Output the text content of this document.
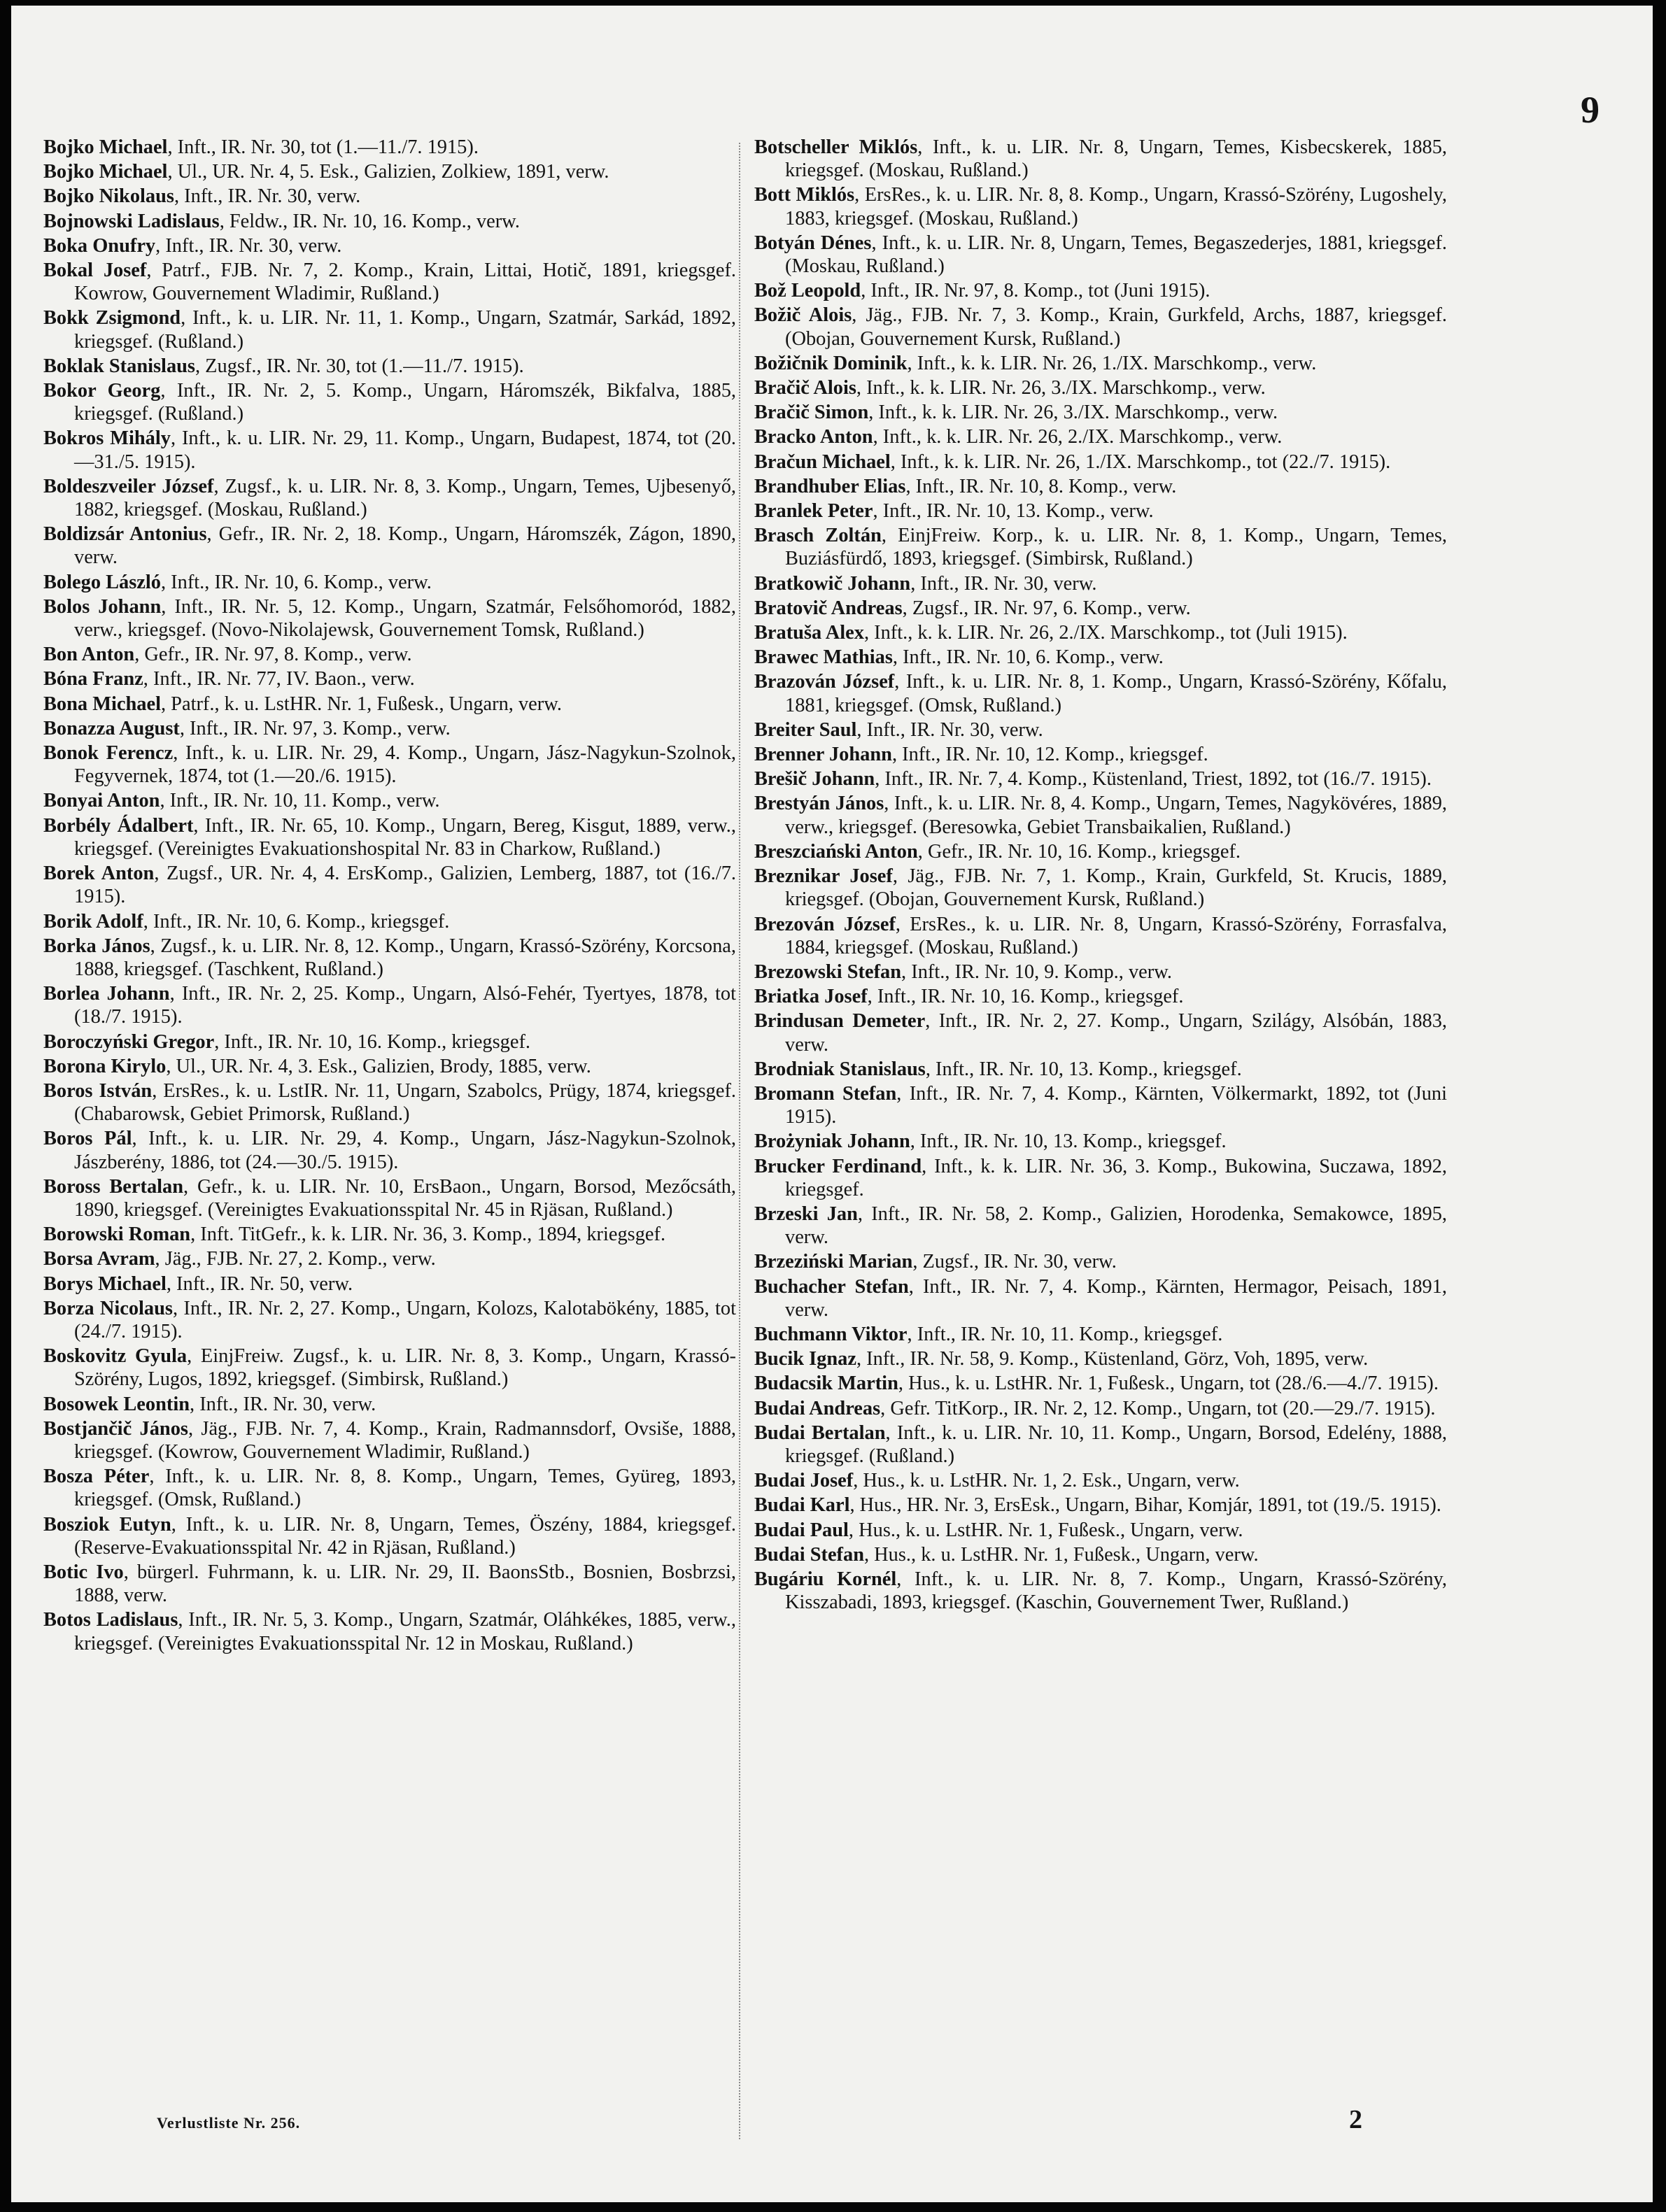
9

Bojko Michael, Inft., IR. Nr. 30, tot (1.—11./7. 1915).

Bojko Michael, Ul., UR. Nr. 4, 5. Esk., Galizien, Zolkiew, 1891, verw.

Bojko Nikolaus, Inft., IR. Nr. 30, verw.

Bojnowski Ladislaus, Feldw., IR. Nr. 10, 16. Komp., verw.

Boka Onufry, Inft., IR. Nr. 30, verw.

Bokal Josef, Patrf., FJB. Nr. 7, 2. Komp., Krain, Littai, Hotič, 1891, kriegsgef. Kowrow, Gouvernement Wladimir, Rußland.)

Bokk Zsigmond, Inft., k. u. LIR. Nr. 11, 1. Komp., Ungarn, Szatmár, Sarkád, 1892, kriegsgef. (Rußland.)

Boklak Stanislaus, Zugsf., IR. Nr. 30, tot (1.—11./7. 1915).

Bokor Georg, Inft., IR. Nr. 2, 5. Komp., Ungarn, Háromszék, Bikfalva, 1885, kriegsgef. (Rußland.)

Bokros Mihály, Inft., k. u. LIR. Nr. 29, 11. Komp., Ungarn, Budapest, 1874, tot (20.—31./5. 1915).

Boldeszveiler József, Zugsf., k. u. LIR. Nr. 8, 3. Komp., Ungarn, Temes, Ujbesenyő, 1882, kriegsgef. (Moskau, Rußland.)

Boldizsár Antonius, Gefr., IR. Nr. 2, 18. Komp., Ungarn, Háromszék, Zágon, 1890, verw.

Bolego László, Inft., IR. Nr. 10, 6. Komp., verw.

Bolos Johann, Inft., IR. Nr. 5, 12. Komp., Ungarn, Szatmár, Felsőhomoród, 1882, verw., kriegsgef. (Novo-Nikolajewsk, Gouvernement Tomsk, Rußland.)

Bon Anton, Gefr., IR. Nr. 97, 8. Komp., verw.

Bóna Franz, Inft., IR. Nr. 77, IV. Baon., verw.

Bona Michael, Patrf., k. u. LstHR. Nr. 1, Fußesk., Ungarn, verw.

Bonazza August, Inft., IR. Nr. 97, 3. Komp., verw.

Bonok Ferencz, Inft., k. u. LIR. Nr. 29, 4. Komp., Ungarn, Jász-Nagykun-Szolnok, Fegyvernek, 1874, tot (1.—20./6. 1915).

Bonyai Anton, Inft., IR. Nr. 10, 11. Komp., verw.

Borbély Ádalbert, Inft., IR. Nr. 65, 10. Komp., Ungarn, Bereg, Kisgut, 1889, verw., kriegsgef. (Vereinigtes Evakuationshospital Nr. 83 in Charkow, Rußland.)

Borek Anton, Zugsf., UR. Nr. 4, 4. ErsKomp., Galizien, Lemberg, 1887, tot (16./7. 1915).

Borik Adolf, Inft., IR. Nr. 10, 6. Komp., kriegsgef.

Borka János, Zugsf., k. u. LIR. Nr. 8, 12. Komp., Ungarn, Krassó-Szörény, Korcsona, 1888, kriegsgef. (Taschkent, Rußland.)

Borlea Johann, Inft., IR. Nr. 2, 25. Komp., Ungarn, Alsó-Fehér, Tyertyes, 1878, tot (18./7. 1915).

Boroczyński Gregor, Inft., IR. Nr. 10, 16. Komp., kriegsgef.

Borona Kirylo, Ul., UR. Nr. 4, 3. Esk., Galizien, Brody, 1885, verw.

Boros István, ErsRes., k. u. LstIR. Nr. 11, Ungarn, Szabolcs, Prügy, 1874, kriegsgef. (Chabarowsk, Gebiet Primorsk, Rußland.)

Boros Pál, Inft., k. u. LIR. Nr. 29, 4. Komp., Ungarn, Jász-Nagykun-Szolnok, Jászberény, 1886, tot (24.—30./5. 1915).

Boross Bertalan, Gefr., k. u. LIR. Nr. 10, ErsBaon., Ungarn, Borsod, Mezőcsáth, 1890, kriegsgef. (Vereinigtes Evakuationsspital Nr. 45 in Rjäsan, Rußland.)

Borowski Roman, Inft. TitGefr., k. k. LIR. Nr. 36, 3. Komp., 1894, kriegsgef.

Borsa Avram, Jäg., FJB. Nr. 27, 2. Komp., verw.

Borys Michael, Inft., IR. Nr. 50, verw.

Borza Nicolaus, Inft., IR. Nr. 2, 27. Komp., Ungarn, Kolozs, Kalotabökény, 1885, tot (24./7. 1915).

Boskovitz Gyula, EinjFreiw. Zugsf., k. u. LIR. Nr. 8, 3. Komp., Ungarn, Krassó-Szörény, Lugos, 1892, kriegsgef. (Simbirsk, Rußland.)

Bosowek Leontin, Inft., IR. Nr. 30, verw.

Bostjančič János, Jäg., FJB. Nr. 7, 4. Komp., Krain, Radmannsdorf, Ovsiše, 1888, kriegsgef. (Kowrow, Gouvernement Wladimir, Rußland.)

Bosza Péter, Inft., k. u. LIR. Nr. 8, 8. Komp., Ungarn, Temes, Gyüreg, 1893, kriegsgef. (Omsk, Rußland.)

Bosziok Eutyn, Inft., k. u. LIR. Nr. 8, Ungarn, Temes, Öszény, 1884, kriegsgef. (Reserve-Evakuationsspital Nr. 42 in Rjäsan, Rußland.)

Botic Ivo, bürgerl. Fuhrmann, k. u. LIR. Nr. 29, II. BaonsStb., Bosnien, Bosbrzsi, 1888, verw.

Botos Ladislaus, Inft., IR. Nr. 5, 3. Komp., Ungarn, Szatmár, Oláhkékes, 1885, verw., kriegsgef. (Vereinigtes Evakuationsspital Nr. 12 in Moskau, Rußland.)

Botscheller Miklós, Inft., k. u. LIR. Nr. 8, Ungarn, Temes, Kisbecskerek, 1885, kriegsgef. (Moskau, Rußland.)

Bott Miklós, ErsRes., k. u. LIR. Nr. 8, 8. Komp., Ungarn, Krassó-Szörény, Lugoshely, 1883, kriegsgef. (Moskau, Rußland.)

Botyán Dénes, Inft., k. u. LIR. Nr. 8, Ungarn, Temes, Begaszederjes, 1881, kriegsgef. (Moskau, Rußland.)

Bož Leopold, Inft., IR. Nr. 97, 8. Komp., tot (Juni 1915).

Božič Alois, Jäg., FJB. Nr. 7, 3. Komp., Krain, Gurkfeld, Archs, 1887, kriegsgef. (Obojan, Gouvernement Kursk, Rußland.)

Božičnik Dominik, Inft., k. k. LIR. Nr. 26, 1./IX. Marschkomp., verw.

Bračič Alois, Inft., k. k. LIR. Nr. 26, 3./IX. Marschkomp., verw.

Bračič Simon, Inft., k. k. LIR. Nr. 26, 3./IX. Marschkomp., verw.

Bracko Anton, Inft., k. k. LIR. Nr. 26, 2./IX. Marschkomp., verw.

Bračun Michael, Inft., k. k. LIR. Nr. 26, 1./IX. Marschkomp., tot (22./7. 1915).

Brandhuber Elias, Inft., IR. Nr. 10, 8. Komp., verw.

Branlek Peter, Inft., IR. Nr. 10, 13. Komp., verw.

Brasch Zoltán, EinjFreiw. Korp., k. u. LIR. Nr. 8, 1. Komp., Ungarn, Temes, Buziásfürdő, 1893, kriegsgef. (Simbirsk, Rußland.)

Bratkowič Johann, Inft., IR. Nr. 30, verw.

Bratovič Andreas, Zugsf., IR. Nr. 97, 6. Komp., verw.

Bratuša Alex, Inft., k. k. LIR. Nr. 26, 2./IX. Marschkomp., tot (Juli 1915).

Brawec Mathias, Inft., IR. Nr. 10, 6. Komp., verw.

Brazován József, Inft., k. u. LIR. Nr. 8, 1. Komp., Ungarn, Krassó-Szörény, Kőfalu, 1881, kriegsgef. (Omsk, Rußland.)

Breiter Saul, Inft., IR. Nr. 30, verw.

Brenner Johann, Inft., IR. Nr. 10, 12. Komp., kriegsgef.

Brešič Johann, Inft., IR. Nr. 7, 4. Komp., Küstenland, Triest, 1892, tot (16./7. 1915).

Brestyán János, Inft., k. u. LIR. Nr. 8, 4. Komp., Ungarn, Temes, Nagykövéres, 1889, verw., kriegsgef. (Beresowka, Gebiet Transbaikalien, Rußland.)

Breszciański Anton, Gefr., IR. Nr. 10, 16. Komp., kriegsgef.

Breznikar Josef, Jäg., FJB. Nr. 7, 1. Komp., Krain, Gurkfeld, St. Krucis, 1889, kriegsgef. (Obojan, Gouvernement Kursk, Rußland.)

Brezován József, ErsRes., k. u. LIR. Nr. 8, Ungarn, Krassó-Szörény, Forrasfalva, 1884, kriegsgef. (Moskau, Rußland.)

Brezowski Stefan, Inft., IR. Nr. 10, 9. Komp., verw.

Briatka Josef, Inft., IR. Nr. 10, 16. Komp., kriegsgef.

Brindusan Demeter, Inft., IR. Nr. 2, 27. Komp., Ungarn, Szilágy, Alsóbán, 1883, verw.

Brodniak Stanislaus, Inft., IR. Nr. 10, 13. Komp., kriegsgef.

Bromann Stefan, Inft., IR. Nr. 7, 4. Komp., Kärnten, Völkermarkt, 1892, tot (Juni 1915).

Brożyniak Johann, Inft., IR. Nr. 10, 13. Komp., kriegsgef.

Brucker Ferdinand, Inft., k. k. LIR. Nr. 36, 3. Komp., Bukowina, Suczawa, 1892, kriegsgef.

Brzeski Jan, Inft., IR. Nr. 58, 2. Komp., Galizien, Horodenka, Semakowce, 1895, verw.

Brzeziński Marian, Zugsf., IR. Nr. 30, verw.

Buchacher Stefan, Inft., IR. Nr. 7, 4. Komp., Kärnten, Hermagor, Peisach, 1891, verw.

Buchmann Viktor, Inft., IR. Nr. 10, 11. Komp., kriegsgef.

Bucik Ignaz, Inft., IR. Nr. 58, 9. Komp., Küstenland, Görz, Voh, 1895, verw.

Budacsik Martin, Hus., k. u. LstHR. Nr. 1, Fußesk., Ungarn, tot (28./6.—4./7. 1915).

Budai Andreas, Gefr. TitKorp., IR. Nr. 2, 12. Komp., Ungarn, tot (20.—29./7. 1915).

Budai Bertalan, Inft., k. u. LIR. Nr. 10, 11. Komp., Ungarn, Borsod, Edelény, 1888, kriegsgef. (Rußland.)

Budai Josef, Hus., k. u. LstHR. Nr. 1, 2. Esk., Ungarn, verw.

Budai Karl, Hus., HR. Nr. 3, ErsEsk., Ungarn, Bihar, Komjár, 1891, tot (19./5. 1915).

Budai Paul, Hus., k. u. LstHR. Nr. 1, Fußesk., Ungarn, verw.

Budai Stefan, Hus., k. u. LstHR. Nr. 1, Fußesk., Ungarn, verw.

Bugáriu Kornél, Inft., k. u. LIR. Nr. 8, 7. Komp., Ungarn, Krassó-Szörény, Kisszabadi, 1893, kriegsgef. (Kaschin, Gouvernement Twer, Rußland.)

Verlustliste Nr. 256.	2
